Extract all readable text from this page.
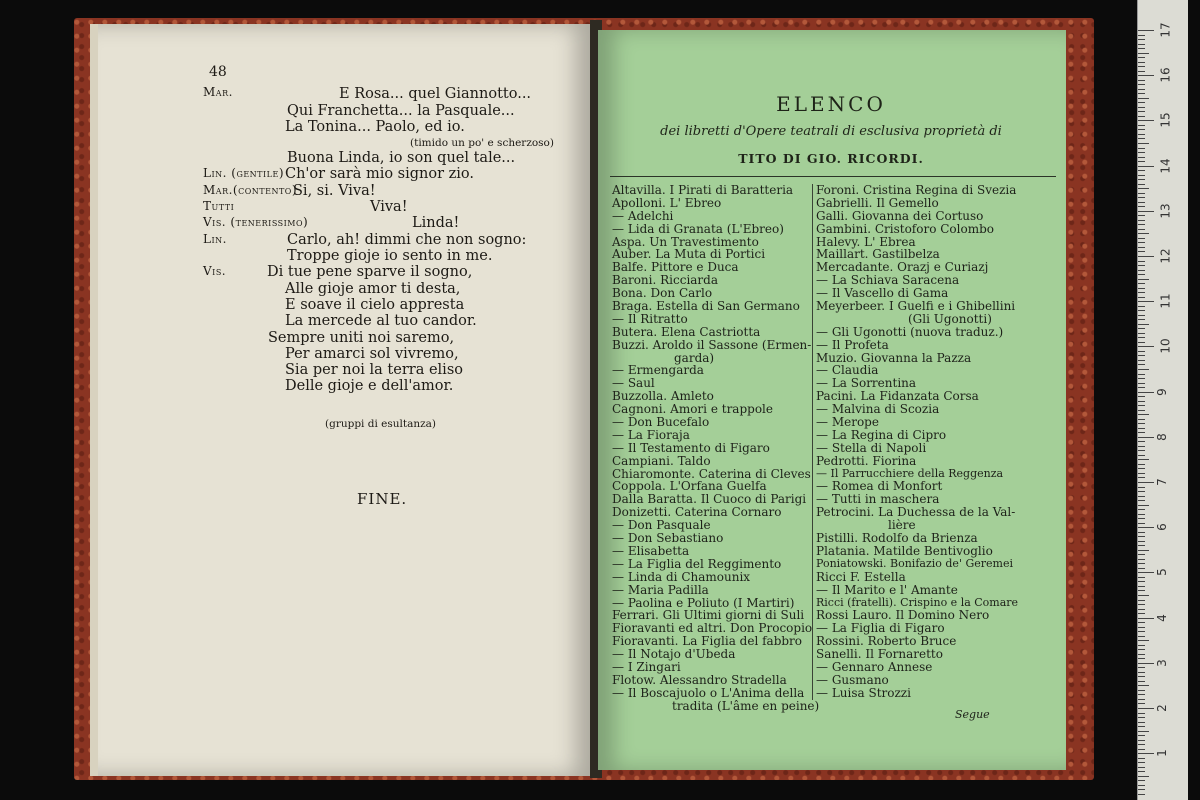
48
Mar.	E Rosa... quel Giannotto...
Qui Franchetta... la Pasquale...
La Tonina... Paolo, ed io.
(timido un po' e scherzoso)
Buona Linda, io son quel tale...
Lin. (gentile) Ch'or sarà mio signor zio.
Mar.(contento)
Si, si. Viva!
Tutti	Viva!
Vis. (tenerissimo)	Linda!
Lin.	Carlo, ah! dimmi che non sogno:
Troppe gioje io sento in me.
Vis.	Di tue pene sparve il sogno,
Alle gioje amor ti desta,
E soave il cielo appresta
La mercede al tuo candor.
Sempre uniti noi saremo,
Per amarci sol vivremo,
Sia per noi la terra eliso
Delle gioje e dell'amor.
(gruppi di esultanza)
FINE.
ELENCO
dei libretti d'Opere teatrali di esclusiva proprietà di
TITO DI GIO. RICORDI.
Altavilla. I Pirati di Baratteria
Apolloni. L' Ebreo
— Adelchi
— Lida di Granata (L'Ebreo)
Aspa. Un Travestimento
Auber. La Muta di Portici
Balfe. Pittore e Duca
Baroni. Ricciarda
Bona. Don Carlo
Braga. Estella di San Germano
— Il Ritratto
Butera. Elena Castriotta
Buzzi. Aroldo il Sassone (Ermen-
garda)
— Ermengarda
— Saul
Buzzolla. Amleto
Cagnoni. Amori e trappole
— Don Bucefalo
— La Fioraja
— Il Testamento di Figaro
Campiani. Taldo
Chiaromonte. Caterina di Cleves
Coppola. L'Orfana Guelfa
Dalla Baratta. Il Cuoco di Parigi
Donizetti. Caterina Cornaro
— Don Pasquale
— Don Sebastiano
— Elisabetta
— La Figlia del Reggimento
— Linda di Chamounix
— Maria Padilla
— Paolina e Poliuto (I Martiri)
Ferrari. Gli Ultimi giorni di Suli
Fioravanti ed altri. Don Procopio
Fioravanti. La Figlia del fabbro
— Il Notajo d'Ubeda
— I Zingari
Flotow. Alessandro Stradella
— Il Boscajuolo o L'Anima della
tradita (L'âme en peine)
Foroni. Cristina Regina di Svezia
Gabrielli. Il Gemello
Galli. Giovanna dei Cortuso
Gambini. Cristoforo Colombo
Halevy. L' Ebrea
Maillart. Gastilbelza
Mercadante. Orazj e Curiazj
— La Schiava Saracena
— Il Vascello di Gama
Meyerbeer. I Guelfi e i Ghibellini
(Gli Ugonotti)
— Gli Ugonotti (nuova traduz.)
— Il Profeta
Muzio. Giovanna la Pazza
— Claudia
— La Sorrentina
Pacini. La Fidanzata Corsa
— Malvina di Scozia
— Merope
— La Regina di Cipro
— Stella di Napoli
Pedrotti. Fiorina
— Il Parrucchiere della Reggenza
— Romea di Monfort
— Tutti in maschera
Petrocini. La Duchessa de la Val-
lière
Pistilli. Rodolfo da Brienza
Platania. Matilde Bentivoglio
Poniatowski. Bonifazio de' Geremei
Ricci F. Estella
— Il Marito e l' Amante
Ricci (fratelli). Crispino e la Comare
Rossi Lauro. Il Domino Nero
— La Figlia di Figaro
Rossini. Roberto Bruce
Sanelli. Il Fornaretto
— Gennaro Annese
— Gusmano
— Luisa Strozzi
Segue
17
16
15
14
13
12
11
10
9
8
7
6
5
4
3
2
1
